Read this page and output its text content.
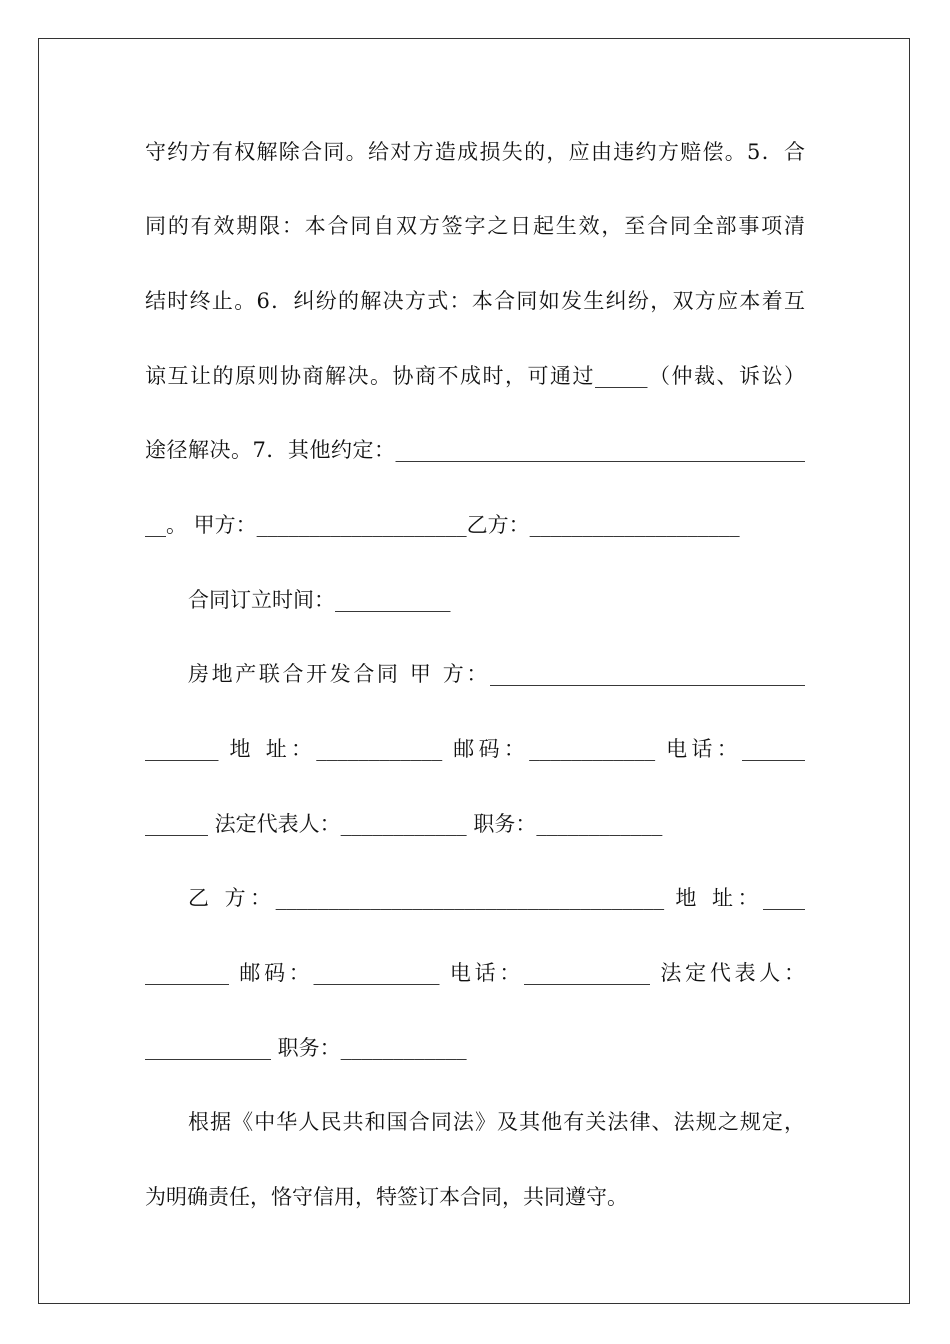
守约方有权解除合同。给对方造成损失的，应由违约方赔偿。5．合
同的有效期限：本合同自双方签字之日起生效，至合同全部事项清
结时终止。6．纠纷的解决方式：本合同如发生纠纷，双方应本着互
谅互让的原则协商解决。协商不成时，可通过_____（仲裁、诉讼）
途径解决。7．其他约定：_______________________________________
__。 甲方：____________________乙方：____________________
合同订立时间：___________
房地产联合开发合同 甲 方：______________________________
_______ 地 址：____________ 邮码：____________ 电话：______
______ 法定代表人：____________ 职务：____________
乙 方：_____________________________________ 地 址：____
________ 邮码：____________ 电话：____________ 法定代表人：
____________ 职务：____________
根据《中华人民共和国合同法》及其他有关法律、法规之规定，
为明确责任，恪守信用，特签订本合同，共同遵守。
